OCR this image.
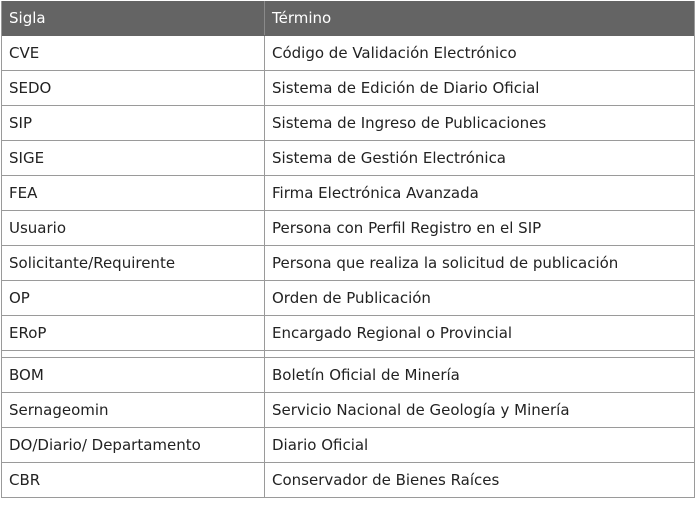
Sigla	Término
CVE	Código de Validación Electrónico
SEDO	Sistema de Edición de Diario Oficial
SIP	Sistema de Ingreso de Publicaciones
SIGE	Sistema de Gestión Electrónica
FEA	Firma Electrónica Avanzada
Usuario	Persona con Perfil Registro en el SIP
Solicitante/Requirente	Persona que realiza la solicitud de publicación
OP	Orden de Publicación
ERoP	Encargado Regional o Provincial
BOM	Boletín Oficial de Minería
Sernageomin	Servicio Nacional de Geología y Minería
DO/Diario/ Departamento	Diario Oficial
CBR	Conservador de Bienes Raíces
